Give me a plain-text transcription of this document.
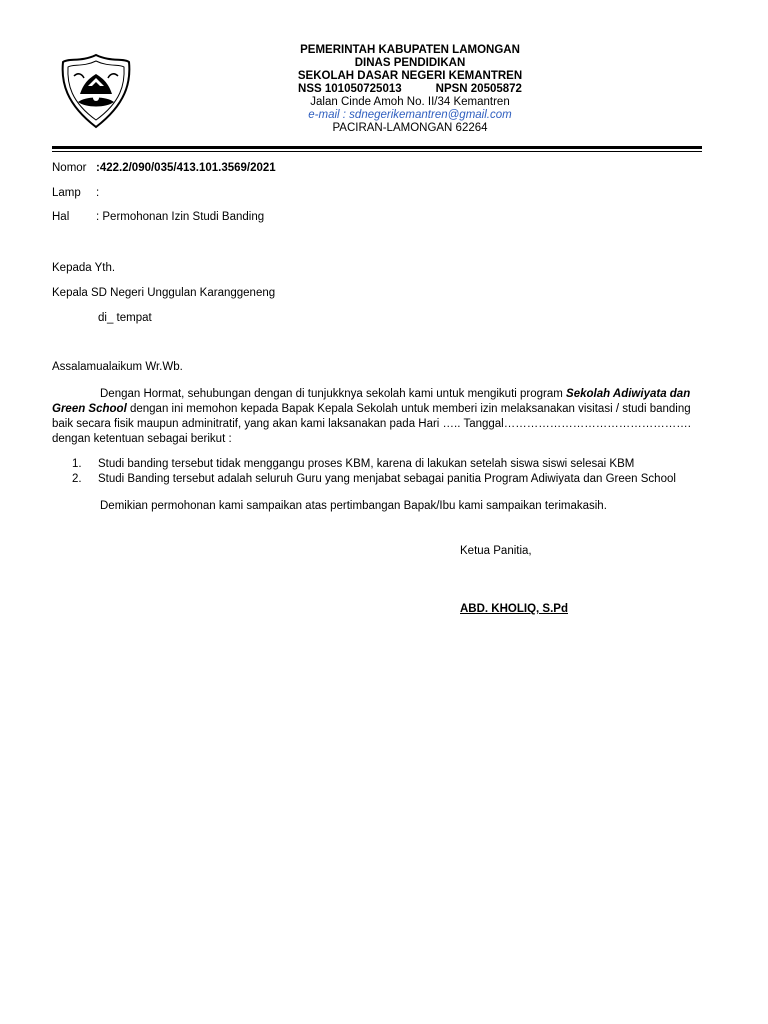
PEMERINTAH KABUPATEN LAMONGAN
DINAS PENDIDIKAN
SEKOLAH DASAR NEGERI KEMANTREN
NSS 101050725013	NPSN 20505872
Jalan Cinde Amoh No. II/34 Kemantren
e-mail : sdnegerikemantren@gmail.com
PACIRAN-LAMONGAN 62264
Nomor :422.2/090/035/413.101.3569/2021
Lamp :
Hal : Permohonan Izin Studi Banding
Kepada Yth.
Kepala SD Negeri Unggulan Karanggeneng
di_ tempat
Assalamualaikum Wr.Wb.
Dengan Hormat, sehubungan dengan di tunjukknya sekolah kami untuk mengikuti program Sekolah Adiwiyata dan Green School dengan ini memohon kepada Bapak Kepala Sekolah untuk memberi izin melaksanakan visitasi / studi banding baik secara fisik maupun adminitratif, yang akan kami laksanakan pada Hari ….. Tanggal…………………………………………. dengan ketentuan sebagai berikut :
1. Studi banding tersebut tidak menggangu proses KBM, karena di lakukan setelah siswa siswi selesai KBM
2. Studi Banding tersebut adalah seluruh Guru yang menjabat sebagai panitia Program Adiwiyata dan Green School
Demikian permohonan kami sampaikan atas pertimbangan Bapak/Ibu kami sampaikan terimakasih.
Ketua Panitia,
ABD. KHOLIQ, S.Pd
